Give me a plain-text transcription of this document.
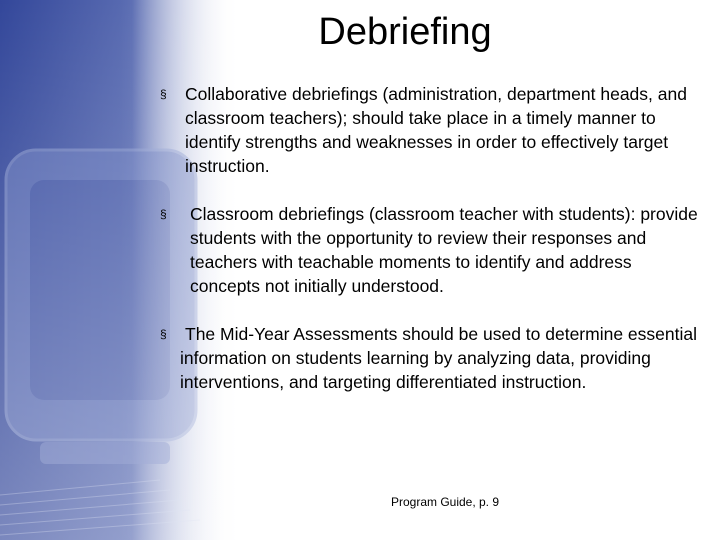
Debriefing
§	Collaborative debriefings (administration, department heads, and classroom teachers); should take place in a timely manner to identify strengths and weaknesses in order to effectively target instruction.
§	Classroom debriefings (classroom teacher with students): provide students with the opportunity to review their responses and teachers with teachable moments to identify and address concepts not initially understood.
§	The Mid-Year Assessments should be used to determine essential information on students learning by analyzing data, providing interventions, and targeting differentiated instruction.
Program Guide, p. 9
